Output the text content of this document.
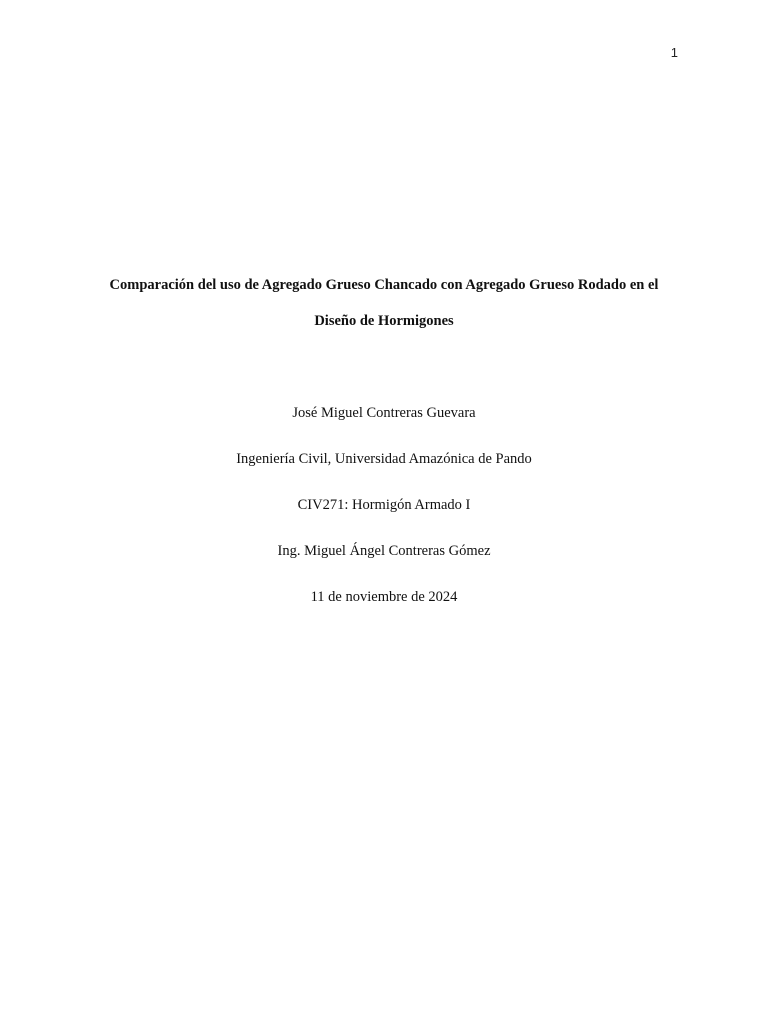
1
Comparación del uso de Agregado Grueso Chancado con Agregado Grueso Rodado en el
Diseño de Hormigones
José Miguel Contreras Guevara
Ingeniería Civil, Universidad Amazónica de Pando
CIV271: Hormigón Armado I
Ing. Miguel Ángel Contreras Gómez
11 de noviembre de 2024
